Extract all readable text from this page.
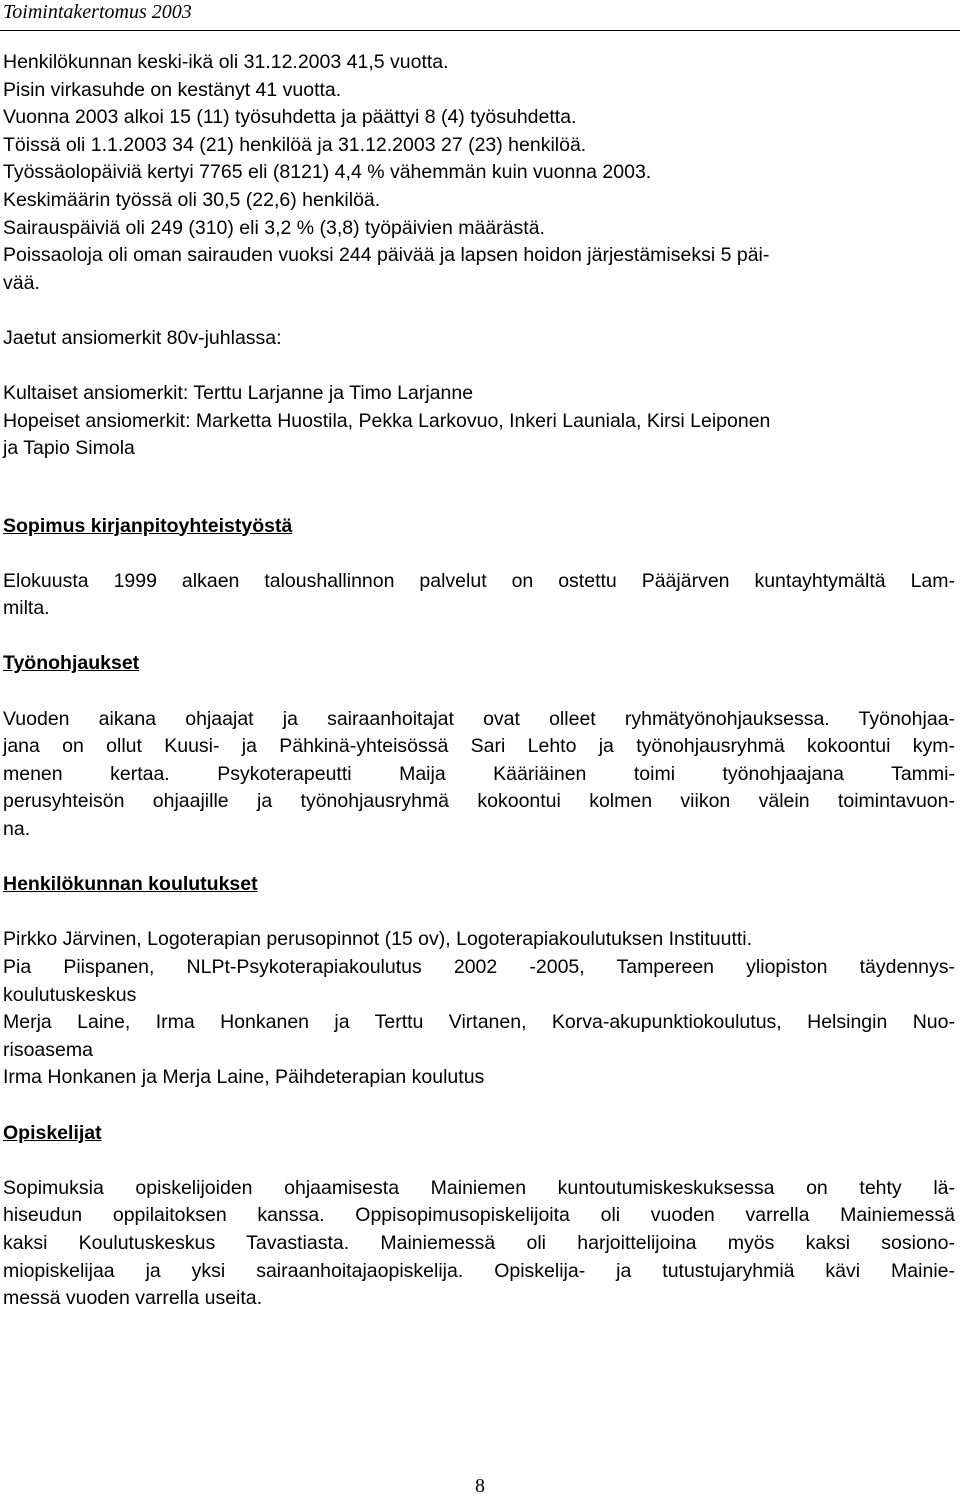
Toimintakertomus 2003
Henkilökunnan keski-ikä oli 31.12.2003 41,5 vuotta.
Pisin virkasuhde on kestänyt 41 vuotta.
Vuonna 2003 alkoi 15 (11) työsuhdetta ja päättyi 8 (4) työsuhdetta.
Töissä oli 1.1.2003 34 (21) henkilöä ja 31.12.2003 27 (23) henkilöä.
Työssäolopäiviä kertyi 7765 eli (8121) 4,4 % vähemmän kuin vuonna 2003.
Keskimäärin työssä oli 30,5 (22,6) henkilöä.
Sairauspäiviä oli 249 (310) eli 3,2 % (3,8) työpäivien määrästä.
Poissaoloja oli oman sairauden vuoksi 244 päivää ja lapsen hoidon järjestämiseksi 5 päi-
vää.
Jaetut ansiomerkit 80v-juhlassa:
Kultaiset ansiomerkit: Terttu Larjanne ja Timo Larjanne
Hopeiset ansiomerkit: Marketta Huostila, Pekka Larkovuo, Inkeri Launiala, Kirsi Leiponen
ja Tapio Simola
Sopimus kirjanpitoyhteistyöstä
Elokuusta 1999 alkaen taloushallinnon palvelut on ostettu Pääjärven kuntayhtymältä Lam-
milta.
Työnohjaukset
Vuoden aikana ohjaajat ja sairaanhoitajat ovat olleet ryhmätyönohjauksessa. Työnohjaa-
jana on ollut Kuusi- ja Pähkinä-yhteisössä Sari Lehto ja työnohjausryhmä kokoontui kym-
menen kertaa. Psykoterapeutti Maija Kääriäinen toimi työnohjaajana Tammi-
perusyhteisön ohjaajille ja työnohjausryhmä kokoontui kolmen viikon välein toimintavuon-
na.
Henkilökunnan koulutukset
Pirkko Järvinen, Logoterapian perusopinnot (15 ov), Logoterapiakoulutuksen Instituutti.
Pia Piispanen, NLPt-Psykoterapiakoulutus 2002 -2005, Tampereen yliopiston täydennys-
koulutuskeskus
Merja Laine, Irma Honkanen ja Terttu Virtanen, Korva-akupunktiokoulutus, Helsingin Nuo-
risoasema
Irma Honkanen ja Merja Laine, Päihdeterapian koulutus
Opiskelijat
Sopimuksia opiskelijoiden ohjaamisesta Mainiemen kuntoutumiskeskuksessa on tehty lä-
hiseudun oppilaitoksen kanssa. Oppisopimusopiskelijoita oli vuoden varrella Mainiemessä
kaksi Koulutuskeskus Tavastiasta. Mainiemessä oli harjoittelijoina myös kaksi sosiono-
miopiskelijaa ja yksi sairaanhoitajaopiskelija. Opiskelija- ja tutustujaryhmiä kävi Mainie-
messä vuoden varrella useita.
8
